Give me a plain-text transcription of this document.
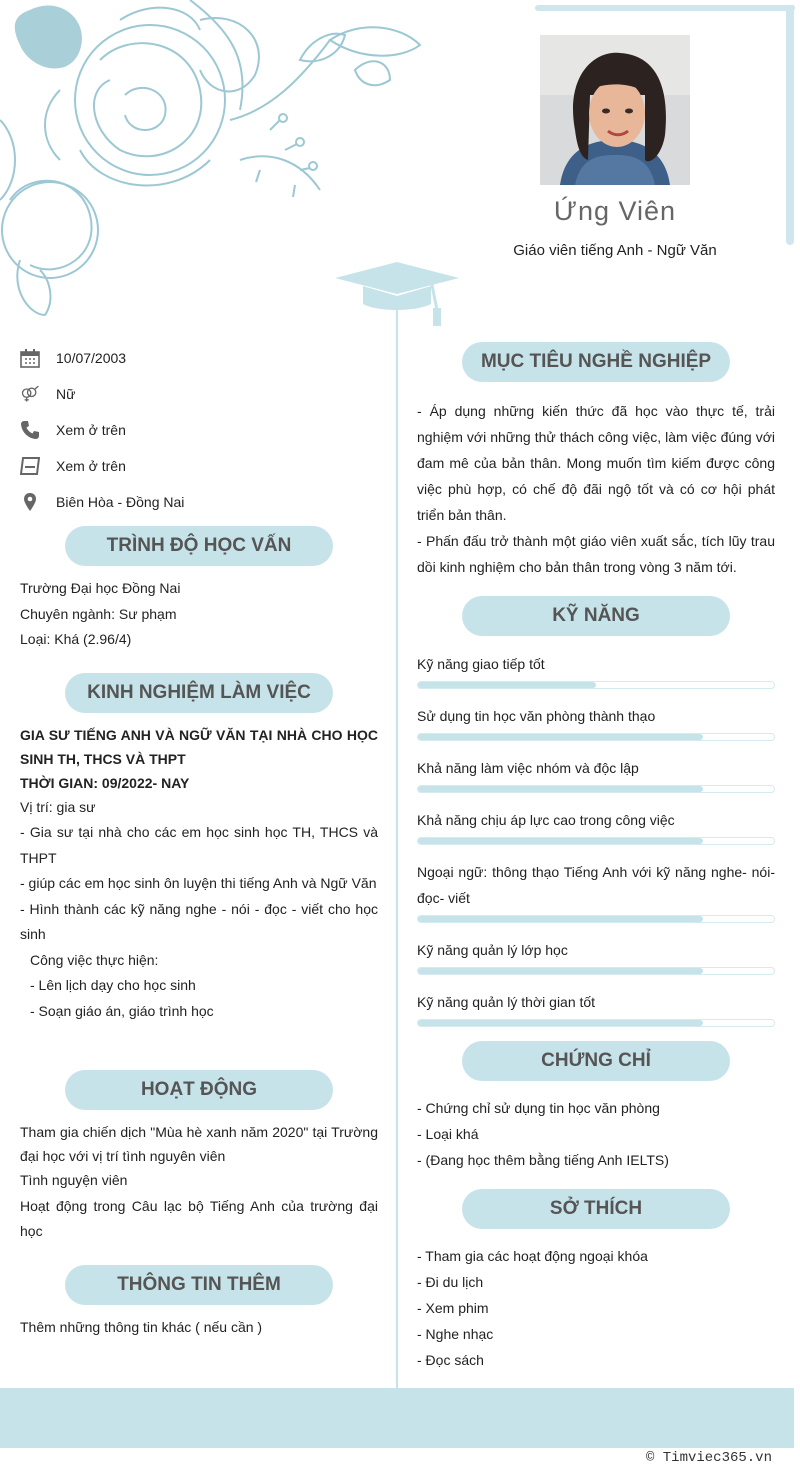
Ứng Viên
Giáo viên tiếng Anh - Ngữ Văn
10/07/2003
Nữ
Xem ở trên
Xem ở trên
Biên Hòa - Đồng Nai
TRÌNH ĐỘ HỌC VẤN
Trường Đại học Đồng Nai
Chuyên ngành: Sư phạm
Loại: Khá (2.96/4)
KINH NGHIỆM LÀM VIỆC
GIA SƯ TIẾNG ANH VÀ NGỮ VĂN TẠI NHÀ CHO HỌC SINH TH, THCS VÀ THPT
THỜI GIAN: 09/2022- NAY
Vị trí: gia sư
- Gia sư tại nhà cho các em học sinh học TH, THCS và THPT
- giúp các em học sinh ôn luyện thi tiếng Anh và Ngữ Văn
- Hình thành các kỹ năng nghe - nói - đọc - viết cho học sinh
Công việc thực hiện:
- Lên lịch dạy cho học sinh
- Soạn giáo án, giáo trình học
HOẠT ĐỘNG
Tham gia chiến dịch "Mùa hè xanh năm 2020" tại Trường đại học với vị trí tình nguyên viên
Tình nguyện viên
Hoạt động trong Câu lạc bộ Tiếng Anh của trường đại học
THÔNG TIN THÊM
Thêm những thông tin khác ( nếu cần )
MỤC TIÊU NGHỀ NGHIỆP
- Áp dụng những kiến thức đã học vào thực tế, trải nghiệm với những thử thách công việc, làm việc đúng với đam mê của bản thân. Mong muốn tìm kiếm được công việc phù hợp, có chế độ đãi ngộ tốt và có cơ hội phát triển bản thân.
- Phấn đấu trở thành một giáo viên xuất sắc, tích lũy trau dồi kinh nghiệm cho bản thân trong vòng 3 năm tới.
KỸ NĂNG
Kỹ năng giao tiếp tốt
Sử dụng tin học văn phòng thành thạo
Khả năng làm việc nhóm và độc lập
Khả năng chịu áp lực cao trong công việc
Ngoại ngữ: thông thạo Tiếng Anh với kỹ năng nghe- nói- đọc- viết
Kỹ năng quản lý lớp học
Kỹ năng quản lý thời gian tốt
CHỨNG CHỈ
- Chứng chỉ sử dụng tin học văn phòng
- Loại khá
- (Đang học thêm bằng tiếng Anh IELTS)
SỞ THÍCH
- Tham gia các hoạt động ngoại khóa
- Đi du lịch
- Xem phim
- Nghe nhạc
- Đọc sách
© Timviec365.vn
